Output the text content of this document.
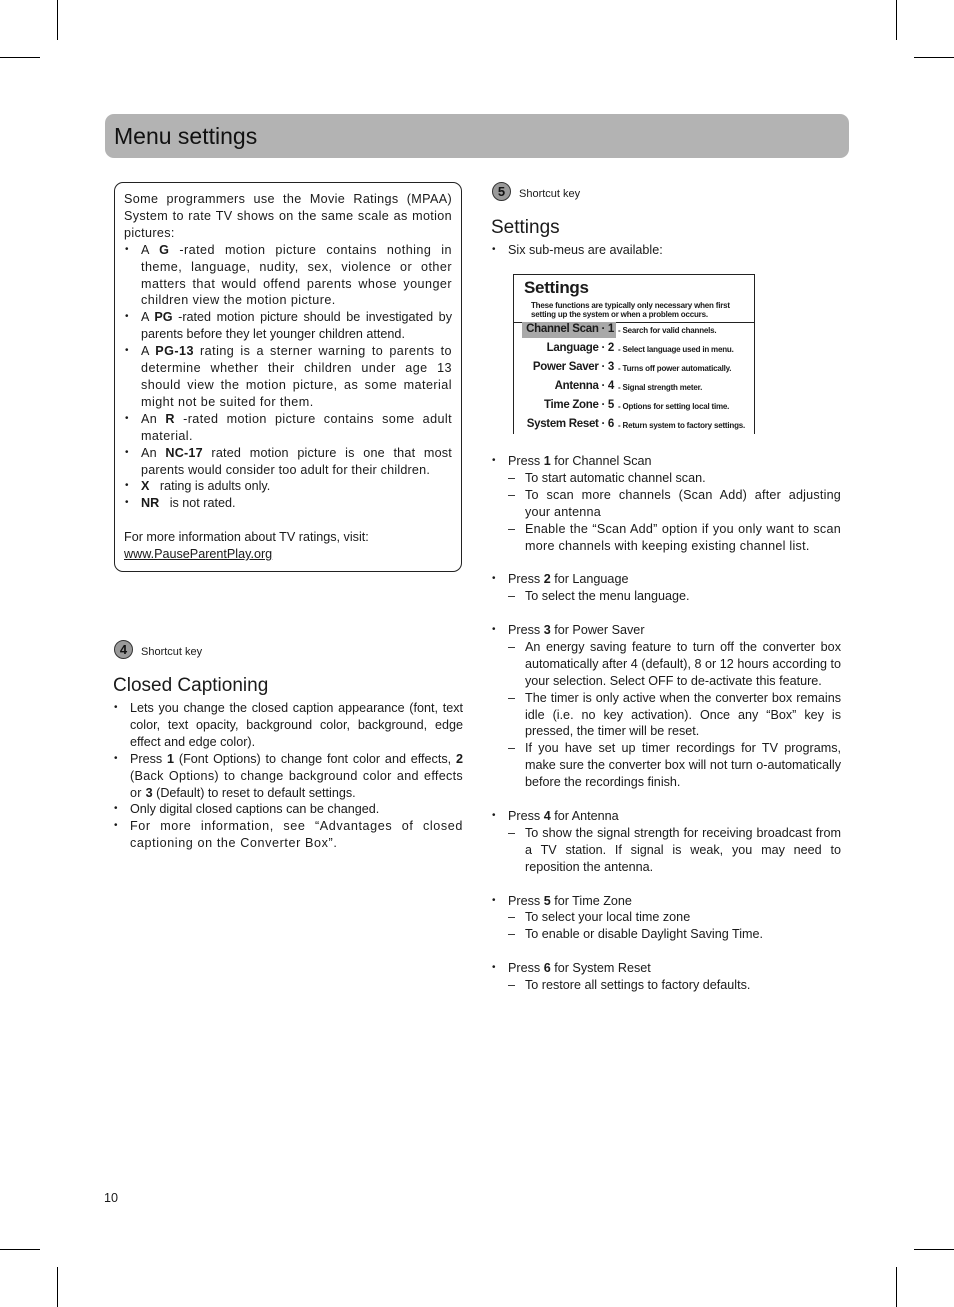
Menu settings

Some programmers use the Movie Ratings (MPAA) System to rate TV shows on the same scale as motion pictures:

• A G -rated motion picture contains nothing in theme, language, nudity, sex, violence or other matters that would offend parents whose younger children view the motion picture.
• A PG -rated motion picture should be investigated by parents before they let younger children attend.
• A PG-13 rating is a sterner warning to parents to determine whether their children under age 13 should view the motion picture, as some material might not be suited for them.
• An R -rated motion picture contains some adult material.
• An NC-17 rated motion picture is one that most parents would consider too adult for their children.
• X   rating is adults only.
• NR   is not rated.

For more information about TV ratings, visit:

www.PauseParentPlay.org

4	Shortcut key
Closed Captioning
• Lets you change the closed caption appearance (font, text color, text opacity, background color, background, edge effect and edge color).
• Press 1 (Font Options) to change font color and effects, 2 (Back Options) to change background color and effects or 3 (Default) to reset to default settings.
• Only digital closed captions can be changed.
• For more information, see “Advantages of closed captioning on the Converter Box”.
5	Shortcut key
Settings
• Six sub-meus are available:
Settings
These functions are typically only necessary when first
setting up the system or when a problem occurs.
Channel Scan · 1 - Search for valid channels.
Language · 2 - Select language used in menu.
Power Saver · 3 - Turns off power automatically.
Antenna · 4 - Signal strength meter.
Time Zone · 5 - Options for setting local time.
System Reset · 6 - Return system to factory settings.
• Press 1 for Channel Scan
– To start automatic channel scan.
– To scan more channels (Scan Add) after adjusting your antenna
– Enable the “Scan Add” option if you only want to scan more channels with keeping existing channel list.
• Press 2 for Language
– To select the menu language.
• Press 3 for Power Saver
– An energy saving feature to turn off the converter box automatically after 4 (default), 8 or 12 hours according to your selection. Select OFF to de-activate this feature.
– The timer is only active when the converter box remains idle (i.e. no key activation). Once any “Box” key is pressed, the timer will be reset.
– If you have set up timer recordings for TV programs, make sure the converter box will not turn o-automatically before the recordings finish.
• Press 4 for Antenna
– To show the signal strength for receiving broadcast from a TV station. If signal is weak, you may need to reposition the antenna.
• Press 5 for Time Zone
– To select your local time zone
– To enable or disable Daylight Saving Time.
• Press 6 for System Reset
– To restore all settings to factory defaults.
10
